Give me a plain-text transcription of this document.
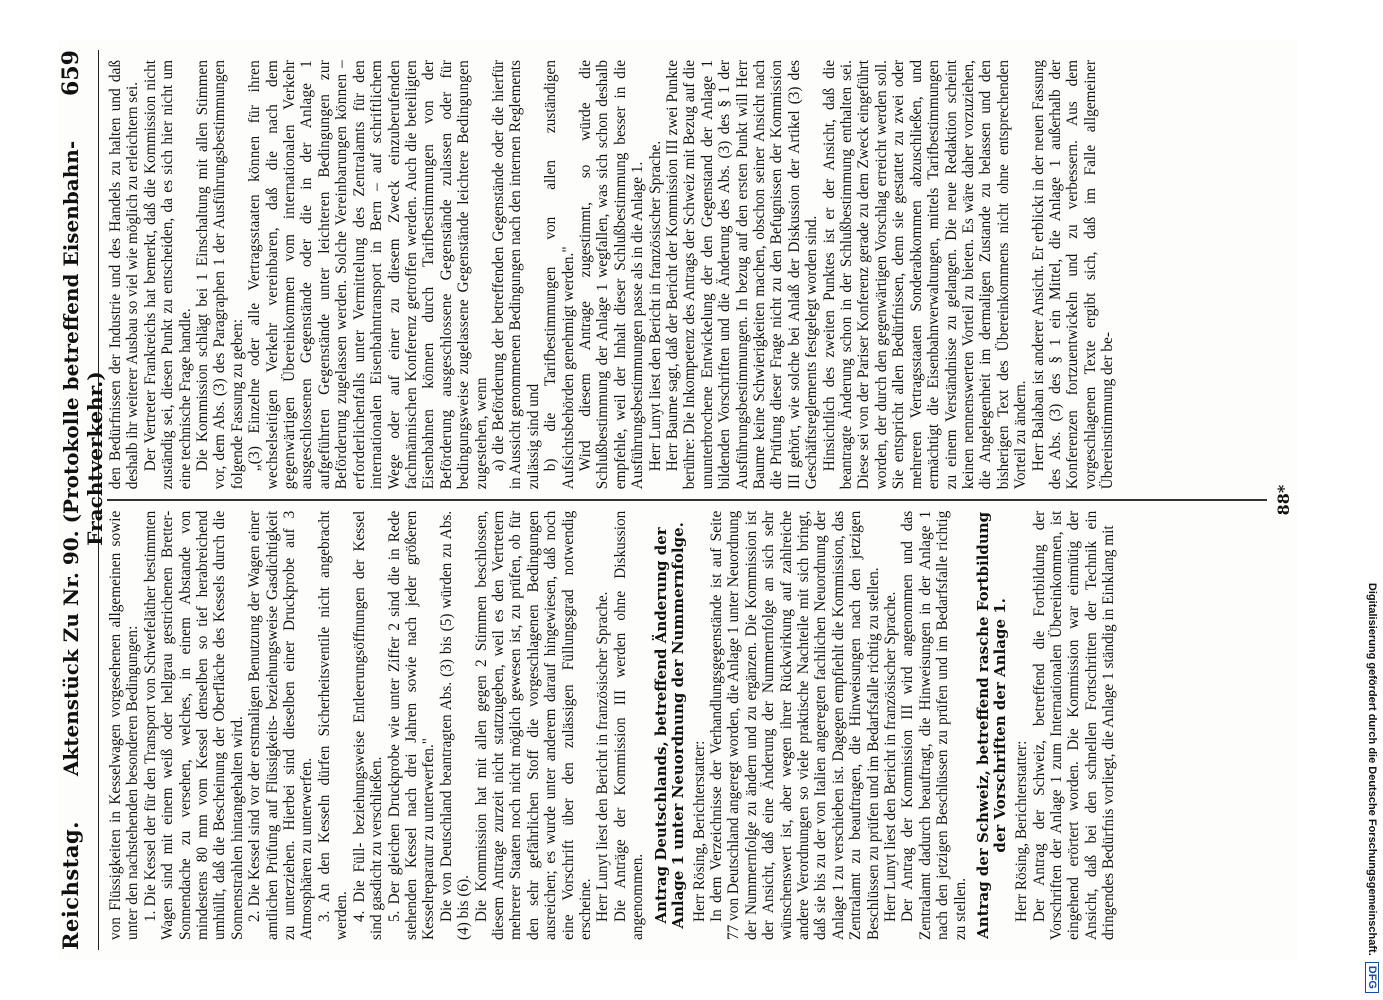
Reichstag.
Aktenstück Zu Nr. 90. (Protokolle betreffend Eisenbahn-Frachtverkehr.)
659

von Flüssigkeiten in Kesselwagen vorgesehenen allgemeinen sowie unter den nachstehenden besonderen Bedingungen: 1. Die Kessel der für den Transport von Schwefeläther bestimmten Wagen sind mit einem weiß oder hellgrau gestrichenen Bretter-Sonnendache zu versehen, welches, in einem Abstande von mindestens 80 mm vom Kessel denselben so tief herabreichend umhüllt, daß die Bescheinung der Oberfläche des Kessels durch die Sonnenstrahlen hintangehalten wird. 2. Die Kessel sind vor der erstmaligen Benutzung der Wagen einer amtlichen Prüfung auf Flüssigkeits- beziehungsweise Gasdichtigkeit zu unterziehen. Hierbei sind dieselben einer Druckprobe auf 3 Atmosphären zu unterwerfen. 3. An den Kesseln dürfen Sicherheitsventile nicht angebracht werden. 4. Die Füll- beziehungsweise Entleerungsöffnungen der Kessel sind gasdicht zu verschließen. 5. Der gleichen Druckprobe wie unter Ziffer 2 sind die in Rede stehenden Kessel nach drei Jahren sowie nach jeder größeren Kesselreparatur zu unterwerfen." Die von Deutschland beantragten Abs. (3) bis (5) würden zu Abs. (4) bis (6). Die Kommission hat mit allen gegen 2 Stimmen beschlossen, diesem Antrage zurzeit nicht stattzugeben, weil es den Vertretern mehrerer Staaten noch nicht möglich gewesen ist, zu prüfen, ob für den sehr gefährlichen Stoff die vorgeschlagenen Bedingungen ausreichen; es wurde unter anderem darauf hingewiesen, daß noch eine Vorschrift über den zulässigen Füllungsgrad notwendig erscheine. Herr Lunyt liest den Bericht in französischer Sprache. Die Anträge der Kommission III werden ohne Diskussion angenommen. Antrag Deutschlands, betreffend Änderung der Anlage 1 unter Neuordnung der Nummernfolge. Herr Rösing, Berichterstatter: In dem Verzeichnisse der Verhandlungsgegenstände ist auf Seite 77 von Deutschland angeregt worden, die Anlage 1 unter Neuordnung der Nummernfolge zu ändern und zu ergänzen. Die Kommission ist der Ansicht, daß eine Änderung der Nummernfolge an sich sehr wünschenswert ist, aber wegen ihrer Rückwirkung auf zahlreiche andere Verordnungen so viele praktische Nachteile mit sich bringt, daß sie bis zu der von Italien angeregten fachlichen Neuordnung der Anlage 1 zu verschieben ist. Dagegen empfiehlt die Kommission, das Zentralamt zu beauftragen, die Hinweisungen nach den jetzigen Beschlüssen zu prüfen und im Bedarfsfalle richtig zu stellen. Herr Lunyt liest den Bericht in französischer Sprache. Der Antrag der Kommission III wird angenommen und das Zentralamt dadurch beauftragt, die Hinweisungen in der Anlage 1 nach den jetzigen Beschlüssen zu prüfen und im Bedarfsfalle richtig zu stellen. Antrag der Schweiz, betreffend rasche Fortbildung der Vorschriften der Anlage 1. Herr Rösing, Berichterstatter: Der Antrag der Schweiz, betreffend die Fortbildung der Vorschriften der Anlage 1 zum Internationalen Übereinkommen, ist eingehend erörtert worden. Die Kommission war einmütig der Ansicht, daß bei den schnellen Fortschritten der Technik ein dringendes Bedürfnis vorliegt, die Anlage 1 ständig in Einklang mit

den Bedürfnissen der Industrie und des Handels zu halten und daß deshalb ihr weiterer Ausbau so viel wie möglich zu erleichtern sei. Der Vertreter Frankreichs hat bemerkt, daß die Kommission nicht zuständig sei, diesen Punkt zu entscheiden, da es sich hier nicht um eine technische Frage handle. Die Kommission schlägt bei 1 Einschaltung mit allen Stimmen vor, dem Abs. (3) des Paragraphen 1 der Ausführungsbestimmungen folgende Fassung zu geben: „(3) Einzelne oder alle Vertragsstaaten können für ihren wechselseitigen Verkehr vereinbaren, daß die nach dem gegenwärtigen Übereinkommen vom internationalen Verkehr ausgeschlossenen Gegenstände oder die in der Anlage 1 aufgeführten Gegenstände unter leichteren Bedingungen zur Beförderung zugelassen werden. Solche Vereinbarungen können – erforderlichenfalls unter Vermittelung des Zentralamts für den internationalen Eisenbahntransport in Bern – auf schriftlichem Wege oder auf einer zu diesem Zweck einzuberufenden fachmännischen Konferenz getroffen werden. Auch die beteiligten Eisenbahnen können durch Tarifbestimmungen von der Beförderung ausgeschlossene Gegenstände zulassen oder für bedingungsweise zugelassene Gegenstände leichtere Bedingungen zugestehen, wenn a) die Beförderung der betreffenden Gegenstände oder die hierfür in Aussicht genommenen Bedingungen nach den internen Reglements zulässig sind und b) die Tarifbestimmungen von allen zuständigen Aufsichtsbehörden genehmigt werden." Wird diesem Antrage zugestimmt, so würde die Schlußbestimmung der Anlage 1 wegfallen, was sich schon deshalb empfehle, weil der Inhalt dieser Schlußbestimmung besser in die Ausführungsbestimmungen passe als in die Anlage 1. Herr Lunyt liest den Bericht in französischer Sprache. Herr Baume sagt, daß der Bericht der Kommission III zwei Punkte berühre: Die Inkompetenz des Antrags der Schweiz mit Bezug auf die ununterbrochene Entwickelung der den Gegenstand der Anlage 1 bildenden Vorschriften und die Änderung des Abs. (3) des § 1 der Ausführungsbestimmungen. In bezug auf den ersten Punkt will Herr Baume keine Schwierigkeiten machen, obschon seiner Ansicht nach die Prüfung dieser Frage nicht zu den Befugnissen der Kommission III gehört, wie solche bei Anlaß der Diskussion der Artikel (3) des Geschäftsreglements festgelegt worden sind. Hinsichtlich des zweiten Punktes ist er der Ansicht, daß die beantragte Änderung schon in der Schlußbestimmung enthalten sei. Diese sei von der Pariser Konferenz gerade zu dem Zweck eingeführt worden, der durch den gegenwärtigen Vorschlag erreicht werden soll. Sie entspricht allen Bedürfnissen, denn sie gestattet zu zwei oder mehreren Vertragsstaaten Sonderabkommen abzuschließen, und ermächtigt die Eisenbahnverwaltungen, mittels Tarifbestimmungen zu einem Verständnisse zu gelangen. Die neue Redaktion scheint keinen nennenswerten Vorteil zu bieten. Es wäre daher vorzuziehen, die Angelegenheit im dermaligen Zustande zu belassen und den bisherigen Text des Übereinkommens nicht ohne entsprechenden Vorteil zu ändern. Herr Balaban ist anderer Ansicht. Er erblickt in der neuen Fassung des Abs. (3) des § 1 ein Mittel, die Anlage 1 außerhalb der Konferenzen fortzuentwickeln und zu verbessern. Aus dem vorgeschlagenen Texte ergibt sich, daß im Falle allgemeiner Übereinstimmung der be-

88*
Digitalisierung gefördert durch die Deutsche Forschungsgemeinschaft.
DFG
